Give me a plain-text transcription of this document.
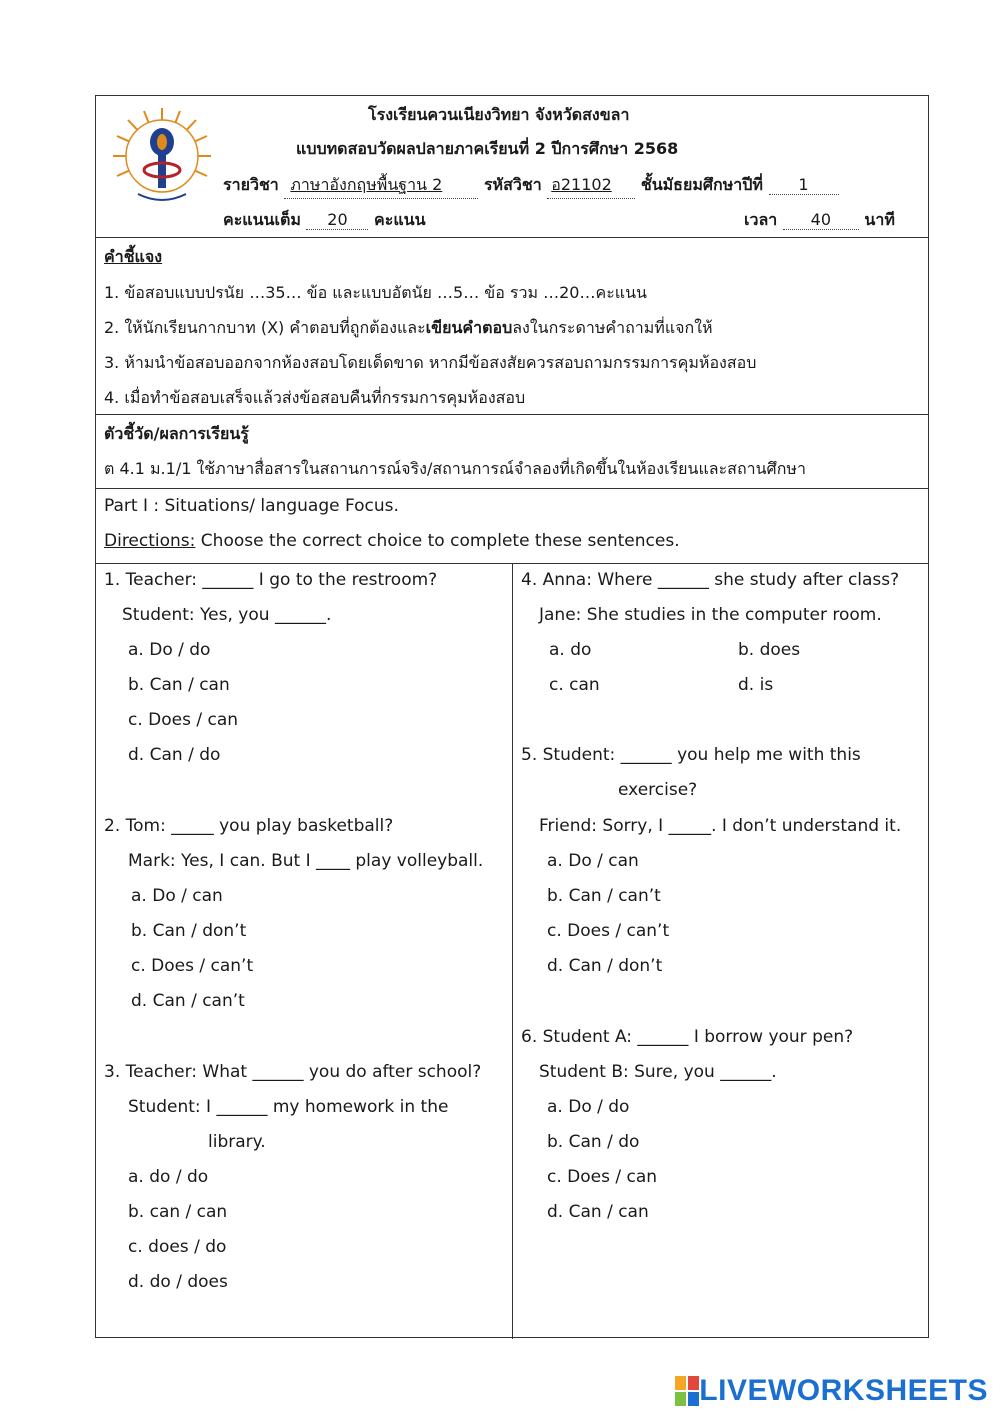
โรงเรียนควนเนียงวิทยา จังหวัดสงขลา
แบบทดสอบวัดผลปลายภาคเรียนที่ 2 ปีการศึกษา 2568
รายวิชา ภาษาอังกฤษพื้นฐาน 2	รหัสวิชา อ21102 ชั้นมัธยมศึกษาปีที่ 1
คะแนนเต็ม 20 คะแนน	เวลา 40 นาที
คำชี้แจง
1. ข้อสอบแบบปรนัย …35… ข้อ และแบบอัตนัย …5… ข้อ รวม …20…คะแนน
2. ให้นักเรียนกากบาท (X) คำตอบที่ถูกต้องและเขียนคำตอบลงในกระดาษคำถามที่แจกให้
3. ห้ามนำข้อสอบออกจากห้องสอบโดยเด็ดขาด หากมีข้อสงสัยควรสอบถามกรรมการคุมห้องสอบ
4. เมื่อทำข้อสอบเสร็จแล้วส่งข้อสอบคืนที่กรรมการคุมห้องสอบ
ตัวชี้วัด/ผลการเรียนรู้
ต 4.1 ม.1/1 ใช้ภาษาสื่อสารในสถานการณ์จริง/สถานการณ์จำลองที่เกิดขึ้นในห้องเรียนและสถานศึกษา
Part I : Situations/ language Focus.
Directions: Choose the correct choice to complete these sentences.
1. Teacher: ______ I go to the restroom?
Student: Yes, you ______.
a. Do / do
b. Can / can
c. Does / can
d. Can / do
2. Tom: _____ you play basketball?
Mark: Yes, I can. But I ____ play volleyball.
a. Do / can
b. Can / don’t
c. Does / can’t
d. Can / can’t
3. Teacher: What ______ you do after school?
Student: I ______ my homework in the
library.
a. do / do
b. can / can
c. does / do
d. do / does
4. Anna: Where ______ she study after class?
Jane: She studies in the computer room.
a. do	b. does
c. can	d. is
5. Student: ______ you help me with this
exercise?
Friend: Sorry, I _____. I don’t understand it.
a. Do / can
b. Can / can’t
c. Does / can’t
d. Can / don’t
6. Student A: ______ I borrow your pen?
Student B: Sure, you ______.
a. Do / do
b. Can / do
c. Does / can
d. Can / can
LIVEWORKSHEETS
